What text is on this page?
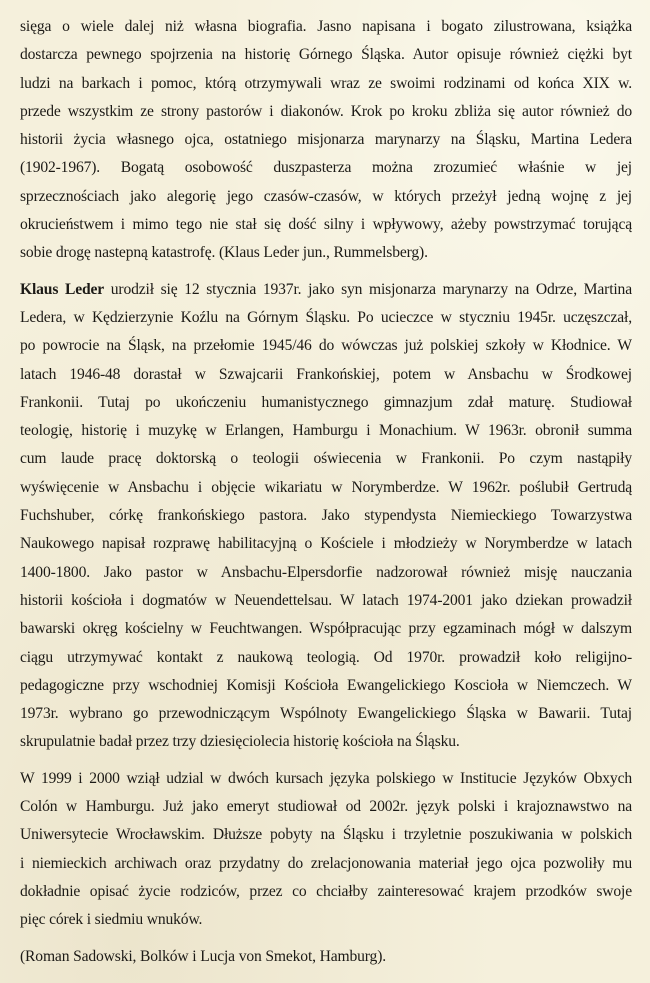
sięga o wiele dalej niż własna biografia. Jasno napisana i bogato zilustrowana, książka
dostarcza pewnego spojrzenia na historię Górnego Śląska. Autor opisuje również ciężki byt
ludzi na barkach i pomoc, którą otrzymywali wraz ze swoimi rodzinami od końca XIX w.
przede wszystkim ze strony pastorów i diakonów. Krok po kroku zbliża się autor również do
historii życia własnego ojca, ostatniego misjonarza marynarzy na Śląsku, Martina Ledera
(1902-1967). Bogatą osobowość duszpasterza można zrozumieć właśnie w jej
sprzecznościach jako alegorię jego czasów-czasów, w których przeżył jedną wojnę z jej
okrucieństwem i mimo tego nie stał się dość silny i wpływowy, ażeby powstrzymać torującą
sobie drogę nastepną katastrofę. (Klaus Leder jun., Rummelsberg).
Klaus Leder urodził się 12 stycznia 1937r. jako syn misjonarza marynarzy na Odrze, Martina
Ledera, w Kędzierzynie Koźlu na Górnym Śląsku. Po ucieczce w styczniu 1945r. uczęszczał,
po powrocie na Śląsk, na przełomie 1945/46 do wówczas już polskiej szkoły w Kłodnice. W
latach 1946-48 dorastał w Szwajcarii Frankońskiej, potem w Ansbachu w Środkowej
Frankonii. Tutaj po ukończeniu humanistycznego gimnazjum zdał maturę. Studiował
teologię, historię i muzykę w Erlangen, Hamburgu i Monachium. W 1963r. obronił summa
cum laude pracę doktorską o teologii oświecenia w Frankonii. Po czym nastąpiły
wyświęcenie w Ansbachu i objęcie wikariatu w Norymberdze. W 1962r. poślubił Gertrudą
Fuchshuber, córkę frankońskiego pastora. Jako stypendysta Niemieckiego Towarzystwa
Naukowego napisał rozprawę habilitacyjną o Kościele i młodzieży w Norymberdze w latach
1400-1800. Jako pastor w Ansbachu-Elpersdorfie nadzorował również misję nauczania
historii kościoła i dogmatów w Neuendettelsau. W latach 1974-2001 jako dziekan prowadził
bawarski okręg kościelny w Feuchtwangen. Współpracując przy egzaminach mógł w dalszym
ciągu utrzymywać kontakt z naukową teologią. Od 1970r. prowadził koło religijno-
pedagogiczne przy wschodniej Komisji Kościoła Ewangelickiego Koscioła w Niemczech. W
1973r. wybrano go przewodniczącym Wspólnoty Ewangelickiego Śląska w Bawarii. Tutaj
skrupulatnie badał przez trzy dziesięciolecia historię kościoła na Śląsku.
W 1999 i 2000 wziął udzial w dwóch kursach języka polskiego w Institucie Języków Obxych
Colón w Hamburgu. Już jako emeryt studiował od 2002r. język polski i krajoznawstwo na
Uniwersytecie Wrocławskim. Dłuższe pobyty na Śląsku i trzyletnie poszukiwania w polskich
i niemieckich archiwach oraz przydatny do zrelacjonowania materiał jego ojca pozwoliły mu
dokładnie opisać życie rodziców, przez co chciałby zainteresować krajem przodków swoje
pięc córek i siedmiu wnuków.
(Roman Sadowski, Bolków i Lucja von Smekot, Hamburg).
